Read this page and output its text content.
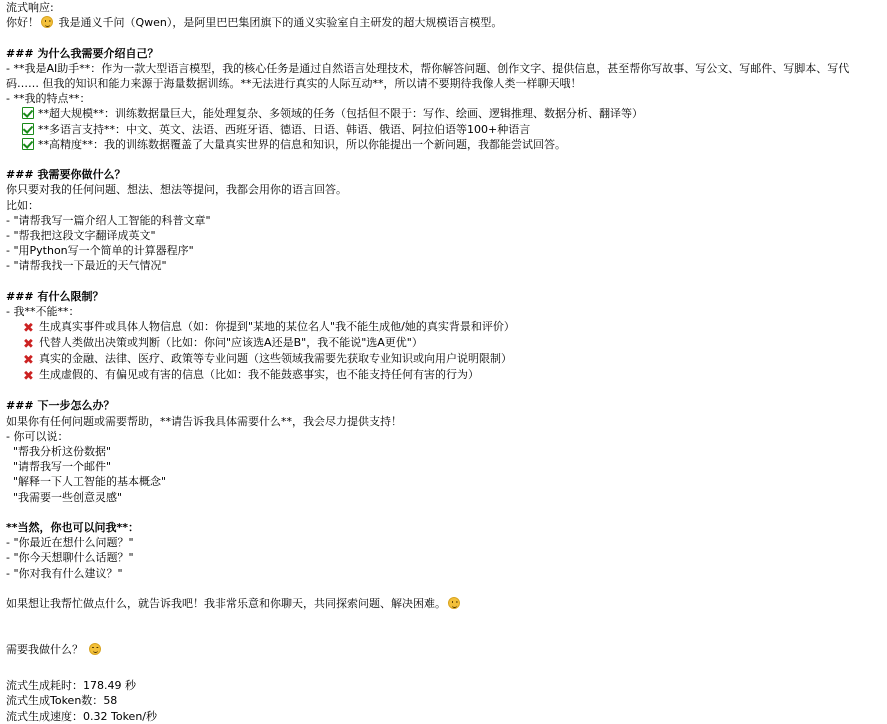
流式响应:
你好！ 我是通义千问（Qwen），是阿里巴巴集团旗下的通义实验室自主研发的超大规模语言模型。
### 为什么我需要介绍自己？
- **我是AI助手**：作为一款大型语言模型，我的核心任务是通过自然语言处理技术，帮你解答问题、创作文字、提供信息，甚至帮你写故事、写公文、写邮件、写脚本、写代码…… 但我的知识和能力来源于海量数据训练。**无法进行真实的人际互动**，所以请不要期待我像人类一样聊天哦！
- **我的特点**：
**超大规模**：训练数据量巨大，能处理复杂、多领域的任务（包括但不限于：写作、绘画、逻辑推理、数据分析、翻译等）
**多语言支持**：中文、英文、法语、西班牙语、德语、日语、韩语、俄语、阿拉伯语等100+种语言
**高精度**：我的训练数据覆盖了大量真实世界的信息和知识，所以你能提出一个新问题，我都能尝试回答。
### 我需要你做什么？
你只要对我的任何问题、想法、想法等提问，我都会用你的语言回答。
比如：
- "请帮我写一篇介绍人工智能的科普文章"
- "帮我把这段文字翻译成英文"
- "用Python写一个简单的计算器程序"
- "请帮我找一下最近的天气情况"
### 有什么限制？
- 我**不能**：
✖ 生成真实事件或具体人物信息（如：你提到"某地的某位名人"我不能生成他/她的真实背景和评价）
✖ 代替人类做出决策或判断（比如：你问"应该选A还是B"，我不能说"选A更优"）
✖ 真实的金融、法律、医疗、政策等专业问题（这些领域我需要先获取专业知识或向用户说明限制）
✖ 生成虚假的、有偏见或有害的信息（比如：我不能鼓惑事实，也不能支持任何有害的行为）
### 下一步怎么办？
如果你有任何问题或需要帮助，**请告诉我具体需要什么**，我会尽力提供支持！
- 你可以说：
"帮我分析这份数据"
"请帮我写一个邮件"
"解释一下人工智能的基本概念"
"我需要一些创意灵感"
**当然，你也可以问我**：
- "你最近在想什么问题？"
- "你今天想聊什么话题？"
- "你对我有什么建议？"
如果想让我帮忙做点什么，就告诉我吧！我非常乐意和你聊天，共同探索问题、解决困难。
需要我做什么？
流式生成耗时：178.49 秒
流式生成Token数：58
流式生成速度：0.32 Token/秒
